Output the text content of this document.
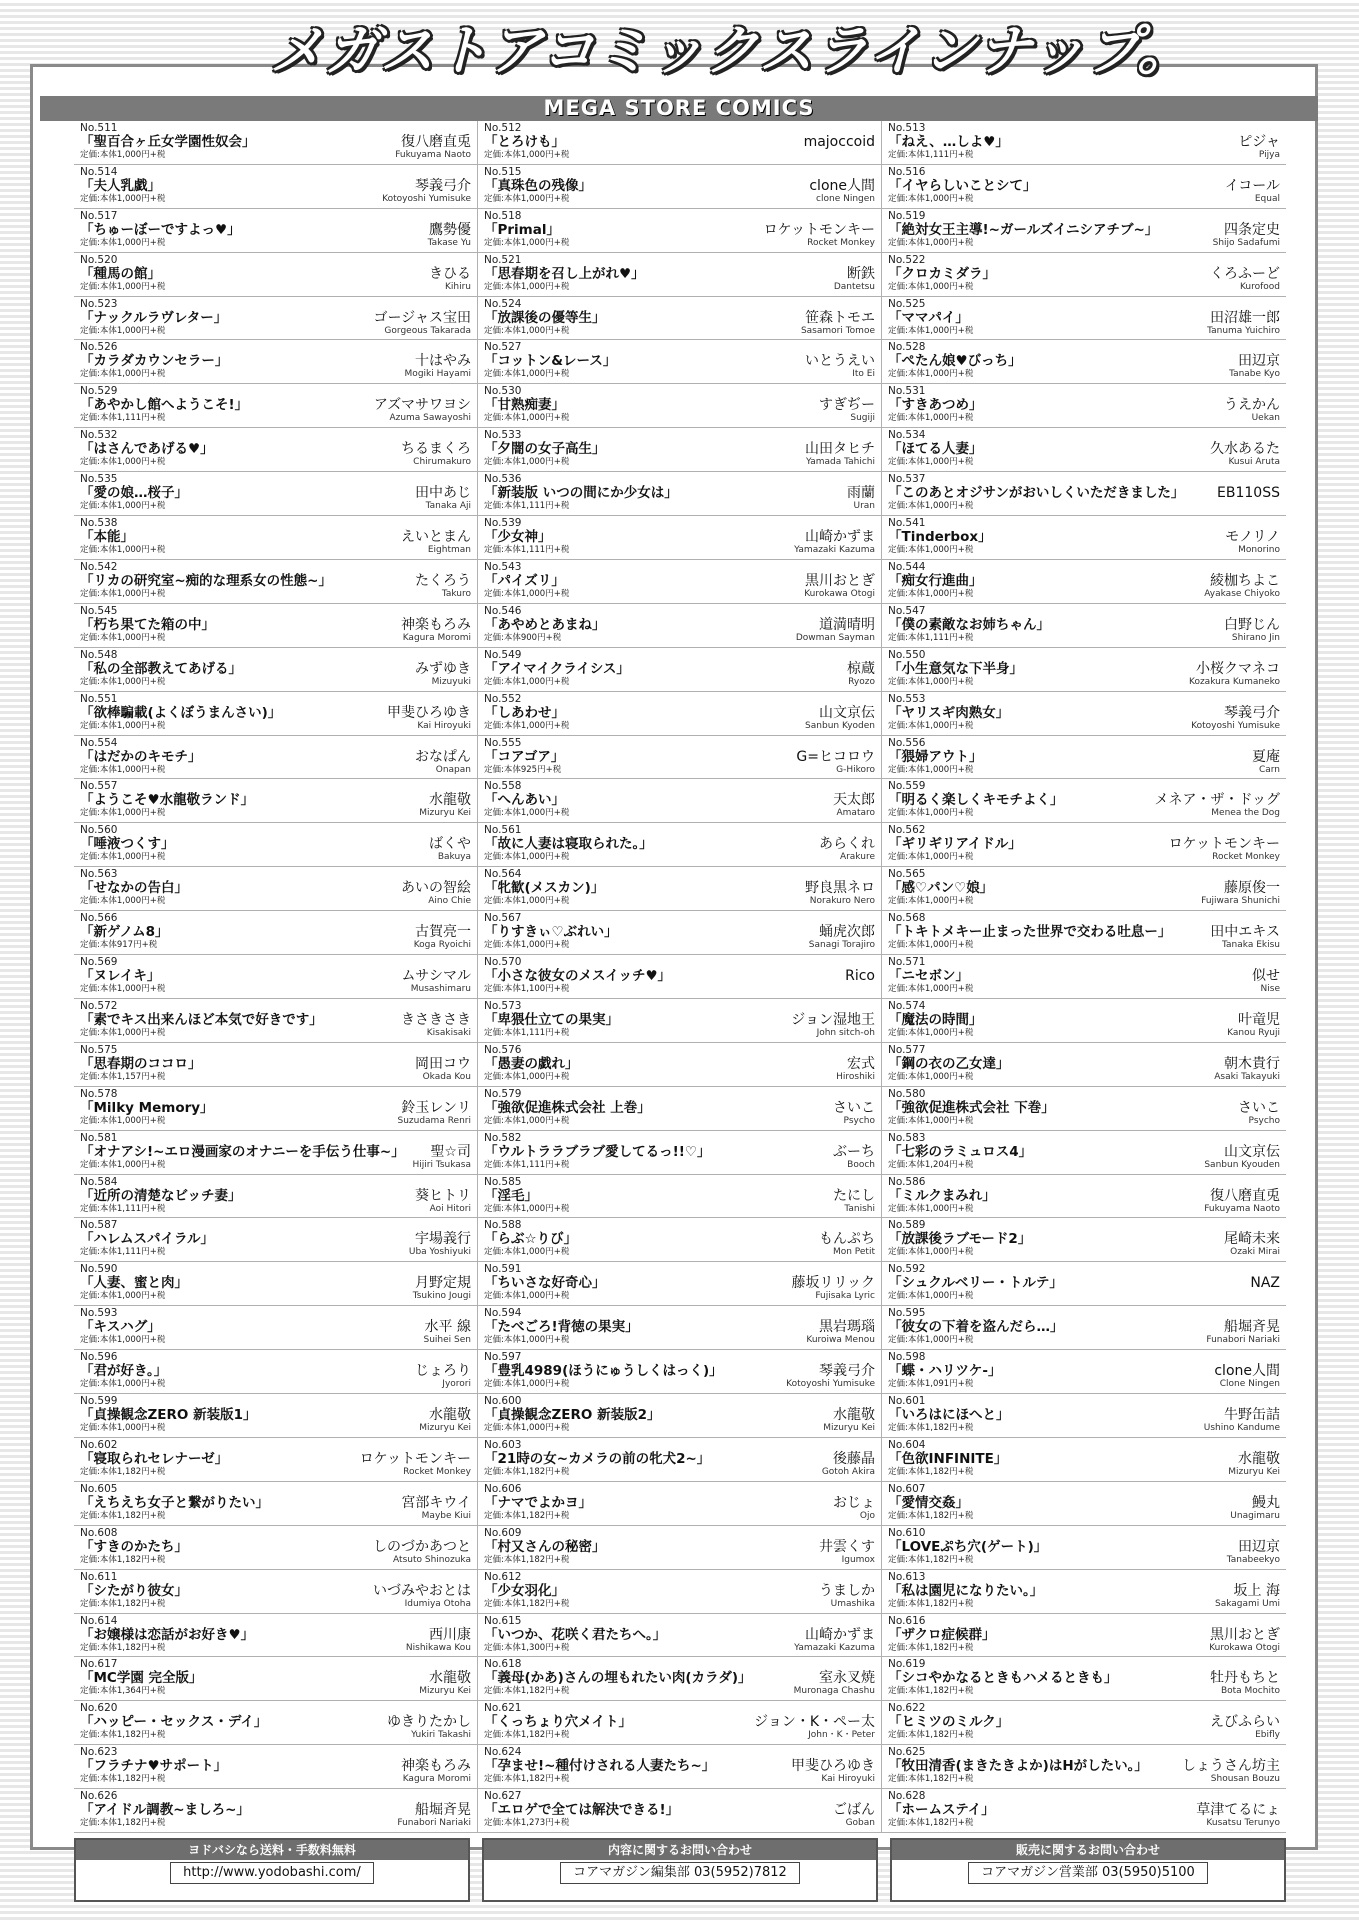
メガストアコミックスラインナップ。
MEGA STORE COMICS
No.511
「聖百合ヶ丘女学園性奴会」	復八磨直兎
定価:本体1,000円+税	Fukuyama Naoto
No.514
「夫人乳戯」	琴義弓介
定価:本体1,000円+税	Kotoyoshi Yumisuke
No.517
「ちゅーぼーですよっ♥」	鷹勢優
定価:本体1,000円+税	Takase Yu
No.520
「種馬の館」	きひる
定価:本体1,000円+税	Kihiru
No.523
「ナックルラヴレター」	ゴージャス宝田
定価:本体1,000円+税	Gorgeous Takarada
No.526
「カラダカウンセラー」	十はやみ
定価:本体1,000円+税	Mogiki Hayami
No.529
「あやかし館へようこそ!」	アズマサワヨシ
定価:本体1,111円+税	Azuma Sawayoshi
No.532
「はさんであげる♥」	ちるまくろ
定価:本体1,000円+税	Chirumakuro
No.535
「愛の娘…桜子」	田中あじ
定価:本体1,000円+税	Tanaka Aji
No.538
「本能」	えいとまん
定価:本体1,000円+税	Eightman
No.542
「リカの研究室~痴的な理系女の性態~」	たくろう
定価:本体1,000円+税	Takuro
No.545
「朽ち果てた箱の中」	神楽もろみ
定価:本体1,000円+税	Kagura Moromi
No.548
「私の全部教えてあげる」	みずゆき
定価:本体1,000円+税	Mizuyuki
No.551
「欲棒騙載(よくぼうまんさい)」	甲斐ひろゆき
定価:本体1,000円+税	Kai Hiroyuki
No.554
「はだかのキモチ」	おなぱん
定価:本体1,000円+税	Onapan
No.557
「ようこそ♥水龍敬ランド」	水龍敬
定価:本体1,000円+税	Mizuryu Kei
No.560
「唾液つくす」	ばくや
定価:本体1,000円+税	Bakuya
No.563
「せなかの告白」	あいの智絵
定価:本体1,000円+税	Aino Chie
No.566
「新ゲノム8」	古賀亮一
定価:本体917円+税	Koga Ryoichi
No.569
「ヌレイキ」	ムサシマル
定価:本体1,000円+税	Musashimaru
No.572
「素でキス出来んほど本気で好きです」	きさきさき
定価:本体1,000円+税	Kisakisaki
No.575
「思春期のココロ」	岡田コウ
定価:本体1,157円+税	Okada Kou
No.578
「Milky Memory」	鈴玉レンリ
定価:本体1,000円+税	Suzudama Renri
No.581
「オナアシ!~エロ漫画家のオナニーを手伝う仕事~」 聖☆司
定価:本体1,000円+税	Hijiri Tsukasa
No.584
「近所の清楚なビッチ妻」	葵ヒトリ
定価:本体1,111円+税	Aoi Hitori
No.587
「ハレムスパイラル」	宇場義行
定価:本体1,111円+税	Uba Yoshiyuki
No.590
「人妻、蜜と肉」	月野定規
定価:本体1,000円+税	Tsukino Jougi
No.593
「キスハグ」	水平 線
定価:本体1,000円+税	Suihei Sen
No.596
「君が好き。」	じょろり
定価:本体1,000円+税	Jyorori
No.599
「貞操観念ZERO 新装版1」	水龍敬
定価:本体1,000円+税	Mizuryu Kei
No.602
「寝取られセレナーゼ」	ロケットモンキー
定価:本体1,182円+税	Rocket Monkey
No.605
「えちえち女子と繋がりたい」	宮部キウイ
定価:本体1,182円+税	Maybe Kiui
No.608
「すきのかたち」	しのづかあつと
定価:本体1,182円+税	Atsuto Shinozuka
No.611
「シたがり彼女」	いづみやおとは
定価:本体1,182円+税	Idumiya Otoha
No.614
「お嬢様は恋話がお好き♥」	西川康
定価:本体1,182円+税	Nishikawa Kou
No.617
「MC学園 完全版」	水龍敬
定価:本体1,364円+税	Mizuryu Kei
No.620
「ハッピー・セックス・デイ」	ゆきりたかし
定価:本体1,182円+税	Yukiri Takashi
No.623
「フラチナ♥サポート」	神楽もろみ
定価:本体1,182円+税	Kagura Moromi
No.626
「アイドル調教~ましろ~」	船堀斉晃
定価:本体1,182円+税	Funabori Nariaki
No.512
「とろけも」	majoccoid
定価:本体1,000円+税
No.515
「真珠色の残像」	clone人間
定価:本体1,000円+税	clone Ningen
No.518
「Primal」	ロケットモンキー
定価:本体1,000円+税	Rocket Monkey
No.521
「思春期を召し上がれ♥」	断鉄
定価:本体1,000円+税	Dantetsu
No.524
「放課後の優等生」	笹森トモエ
定価:本体1,000円+税	Sasamori Tomoe
No.527
「コットン&レース」	いとうえい
定価:本体1,000円+税	Ito Ei
No.530
「甘熟痴妻」	すぎぢー
定価:本体1,000円+税	Sugiji
No.533
「夕闇の女子高生」	山田タヒチ
定価:本体1,000円+税	Yamada Tahichi
No.536
「新装版 いつの間にか少女は」	雨蘭
定価:本体1,111円+税	Uran
No.539
「少女神」	山崎かずま
定価:本体1,111円+税	Yamazaki Kazuma
No.543
「パイズリ」	黒川おとぎ
定価:本体1,000円+税	Kurokawa Otogi
No.546
「あやめとあまね」	道満晴明
定価:本体900円+税	Dowman Sayman
No.549
「アイマイクライシス」	椋蔵
定価:本体1,000円+税	Ryozo
No.552
「しあわせ」	山文京伝
定価:本体1,000円+税	Sanbun Kyoden
No.555
「コアゴア」	G=ヒコロウ
定価:本体925円+税	G-Hikoro
No.558
「へんあい」	天太郎
定価:本体1,000円+税	Amataro
No.561
「故に人妻は寝取られた。」	あらくれ
定価:本体1,000円+税	Arakure
No.564
「牝歓(メスカン)」	野良黒ネロ
定価:本体1,000円+税	Norakuro Nero
No.567
「りすきぃ♡ぶれい」	蛹虎次郎
定価:本体1,000円+税	Sanagi Torajiro
No.570
「小さな彼女のメスイッチ♥」	Rico
定価:本体1,100円+税
No.573
「卑猥仕立ての果実」	ジョン湿地王
定価:本体1,111円+税	John sitch-oh
No.576
「愚妻の戯れ」	宏式
定価:本体1,000円+税	Hiroshiki
No.579
「強欲促進株式会社 上巻」	さいこ
定価:本体1,000円+税	Psycho
No.582
「ウルトララブラブ愛してるっ!!♡」	ぶーち
定価:本体1,111円+税	Booch
No.585
「淫毛」	たにし
定価:本体1,000円+税	Tanishi
No.588
「らぶ☆りび」	もんぷち
定価:本体1,000円+税	Mon Petit
No.591
「ちいさな好奇心」	藤坂リリック
定価:本体1,000円+税	Fujisaka Lyric
No.594
「たべごろ!背徳の果実」	黒岩瑪瑙
定価:本体1,000円+税	Kuroiwa Menou
No.597
「豊乳4989(ほうにゅうしくはっく)」	琴義弓介
定価:本体1,000円+税	Kotoyoshi Yumisuke
No.600
「貞操観念ZERO 新装版2」	水龍敬
定価:本体1,000円+税	Mizuryu Kei
No.603
「21時の女~カメラの前の牝犬2~」	後藤晶
定価:本体1,182円+税	Gotoh Akira
No.606
「ナマでよかヨ」	おじょ
定価:本体1,182円+税	Ojo
No.609
「村又さんの秘密」	井雲くす
定価:本体1,182円+税	Igumox
No.612
「少女羽化」	うましか
定価:本体1,182円+税	Umashika
No.615
「いつか、花咲く君たちへ。」	山崎かずま
定価:本体1,300円+税	Yamazaki Kazuma
No.618
「義母(かあ)さんの埋もれたい肉(カラダ)」	室永叉焼
定価:本体1,182円+税	Muronaga Chashu
No.621
「くっちょり穴メイト」	ジョン・K・ペー太
定価:本体1,182円+税	John・K・Peter
No.624
「孕ませ!~種付けされる人妻たち~」	甲斐ひろゆき
定価:本体1,182円+税	Kai Hiroyuki
No.627
「エロゲで全ては解決できる!」	ごばん
定価:本体1,273円+税	Goban
No.513
「ねえ、…しよ♥」	ピジャ
定価:本体1,111円+税	Pijya
No.516
「イヤらしいことシて」	イコール
定価:本体1,000円+税	Equal
No.519
「絶対女王主導!~ガールズイニシアチブ~」	四条定史
定価:本体1,000円+税	Shijo Sadafumi
No.522
「クロカミダラ」	くろふーど
定価:本体1,000円+税	Kurofood
No.525
「ママパイ」	田沼雄一郎
定価:本体1,000円+税	Tanuma Yuichiro
No.528
「ぺたん娘♥びっち」	田辺京
定価:本体1,000円+税	Tanabe Kyo
No.531
「すきあつめ」	うえかん
定価:本体1,000円+税	Uekan
No.534
「ほてる人妻」	久水あるた
定価:本体1,000円+税	Kusui Aruta
No.537
「このあとオジサンがおいしくいただきました」 EB110SS
定価:本体1,000円+税
No.541
「Tinderbox」	モノリノ
定価:本体1,000円+税	Monorino
No.544
「痴女行進曲」	綾枷ちよこ
定価:本体1,000円+税	Ayakase Chiyoko
No.547
「僕の素敵なお姉ちゃん」	白野じん
定価:本体1,111円+税	Shirano Jin
No.550
「小生意気な下半身」	小桜クマネコ
定価:本体1,000円+税	Kozakura Kumaneko
No.553
「ヤリスギ肉熟女」	琴義弓介
定価:本体1,000円+税	Kotoyoshi Yumisuke
No.556
「猥婦アウト」	夏庵
定価:本体1,000円+税	Carn
No.559
「明るく楽しくキモチよく」	メネア・ザ・ドッグ
定価:本体1,000円+税	Menea the Dog
No.562
「ギリギリアイドル」	ロケットモンキー
定価:本体1,000円+税	Rocket Monkey
No.565
「感♡パン♡娘」	藤原俊一
定価:本体1,000円+税	Fujiwara Shunichi
No.568
「トキトメキー止まった世界で交わる吐息ー」	田中エキス
定価:本体1,000円+税	Tanaka Ekisu
No.571
「ニセボン」	似せ
定価:本体1,000円+税	Nise
No.574
「魔法の時間」	叶竜児
定価:本体1,000円+税	Kanou Ryuji
No.577
「鋼の衣の乙女達」	朝木貴行
定価:本体1,000円+税	Asaki Takayuki
No.580
「強欲促進株式会社 下巻」	さいこ
定価:本体1,000円+税	Psycho
No.583
「七彩のラミュロス4」	山文京伝
定価:本体1,204円+税	Sanbun Kyouden
No.586
「ミルクまみれ」	復八磨直兎
定価:本体1,000円+税	Fukuyama Naoto
No.589
「放課後ラブモード2」	尾崎未来
定価:本体1,000円+税	Ozaki Mirai
No.592
「シュクルベリー・トルテ」	NAZ
定価:本体1,000円+税
No.595
「彼女の下着を盗んだら…」	船堀斉晃
定価:本体1,000円+税	Funabori Nariaki
No.598
「蝶・ハリツケ-」	clone人間
定価:本体1,091円+税	Clone Ningen
No.601
「いろはにほへと」	牛野缶詰
定価:本体1,182円+税	Ushino Kandume
No.604
「色欲INFINITE」	水龍敬
定価:本体1,182円+税	Mizuryu Kei
No.607
「愛情交姦」	鰻丸
定価:本体1,182円+税	Unagimaru
No.610
「LOVEぷち穴(ゲート)」	田辺京
定価:本体1,182円+税	Tanabeekyo
No.613
「私は園児になりたい。」	坂上 海
定価:本体1,182円+税	Sakagami Umi
No.616
「ザクロ症候群」	黒川おとぎ
定価:本体1,182円+税	Kurokawa Otogi
No.619
「シコやかなるときもハメるときも」	牡丹もちと
定価:本体1,182円+税	Bota Mochito
No.622
「ヒミツのミルク」	えびふらい
定価:本体1,182円+税	Ebifly
No.625
「牧田清香(まきたきよか)はHがしたい。」 しょうさん坊主
定価:本体1,182円+税	Shousan Bouzu
No.628
「ホームステイ」	草津てるにょ
定価:本体1,182円+税	Kusatsu Terunyo
ヨドバシなら送料・手数料無料
http://www.yodobashi.com/
内容に関するお問い合わせ
コアマガジン編集部 03(5952)7812
販売に関するお問い合わせ
コアマガジン営業部 03(5950)5100
